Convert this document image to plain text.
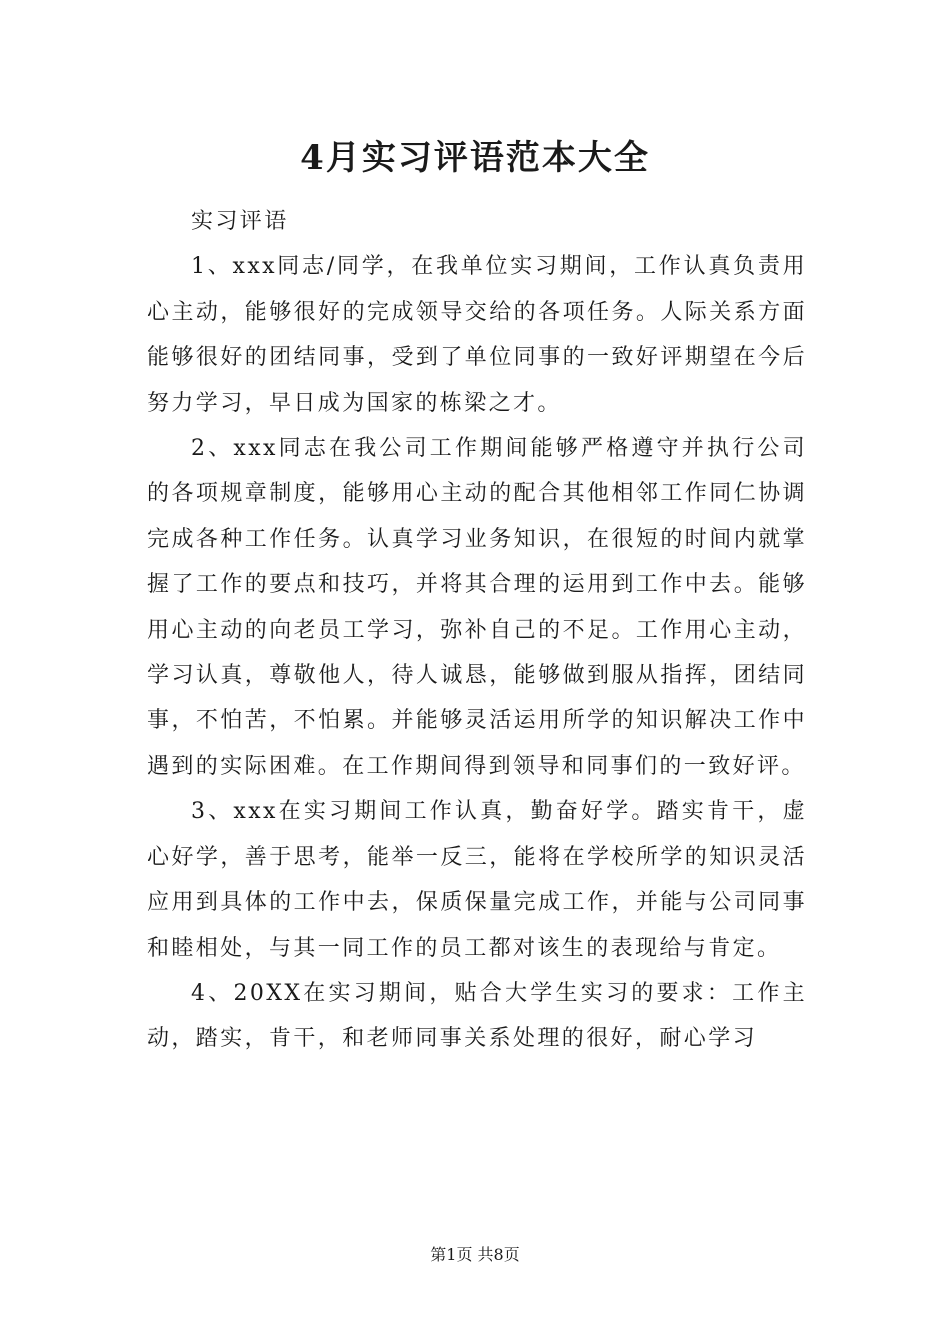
4月实习评语范本大全

实习评语

1、xxx同志/同学，在我单位实习期间，工作认真负责用心主动，能够很好的完成领导交给的各项任务。人际关系方面能够很好的团结同事，受到了单位同事的一致好评期望在今后努力学习，早日成为国家的栋梁之才。

2、xxx同志在我公司工作期间能够严格遵守并执行公司的各项规章制度，能够用心主动的配合其他相邻工作同仁协调完成各种工作任务。认真学习业务知识，在很短的时间内就掌握了工作的要点和技巧，并将其合理的运用到工作中去。能够用心主动的向老员工学习，弥补自己的不足。工作用心主动，学习认真，尊敬他人，待人诚恳，能够做到服从指挥，团结同事，不怕苦，不怕累。并能够灵活运用所学的知识解决工作中遇到的实际困难。在工作期间得到领导和同事们的一致好评。

3、xxx在实习期间工作认真，勤奋好学。踏实肯干，虚心好学，善于思考，能举一反三，能将在学校所学的知识灵活应用到具体的工作中去，保质保量完成工作，并能与公司同事和睦相处，与其一同工作的员工都对该生的表现给与肯定。

4、20XX在实习期间，贴合大学生实习的要求：工作主动，踏实，肯干，和老师同事关系处理的很好，耐心学习

第1页 共8页
